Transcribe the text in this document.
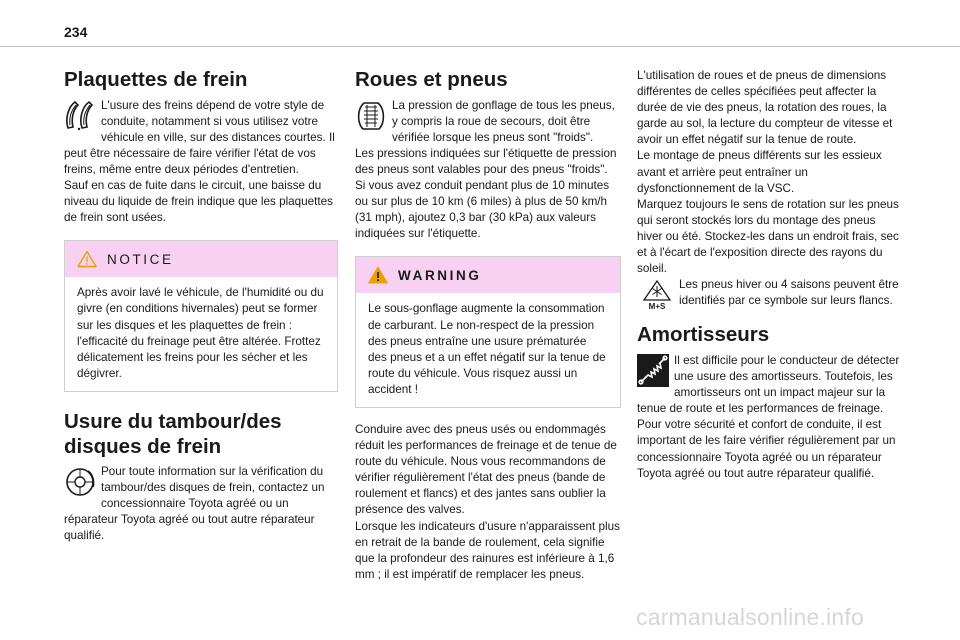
234
Plaquettes de frein

L'usure des freins dépend de votre style de conduite, notamment si vous utilisez votre véhicule en ville, sur des distances courtes. Il peut être nécessaire de faire vérifier l'état de vos freins, même entre deux périodes d'entretien.
Sauf en cas de fuite dans le circuit, une baisse du niveau du liquide de frein indique que les plaquettes de frein sont usées.

NOTICE

Après avoir lavé le véhicule, de l'humidité ou du givre (en conditions hivernales) peut se former sur les disques et les plaquettes de frein : l'efficacité du freinage peut être altérée. Frottez délicatement les freins pour les sécher et les dégivrer.

Usure du tambour/des disques de frein

Pour toute information sur la vérification du tambour/des disques de frein, contactez un concessionnaire Toyota agréé ou un réparateur Toyota agréé ou tout autre réparateur qualifié.

Roues et pneus

La pression de gonflage de tous les pneus, y compris la roue de secours, doit être vérifiée lorsque les pneus sont "froids".
Les pressions indiquées sur l'étiquette de pression des pneus sont valables pour des pneus "froids". Si vous avez conduit pendant plus de 10 minutes ou sur plus de 10 km (6 miles) à plus de 50 km/h (31 mph), ajoutez 0,3 bar (30 kPa) aux valeurs indiquées sur l'étiquette.

WARNING

Le sous-gonflage augmente la consommation de carburant. Le non-respect de la pression des pneus entraîne une usure prématurée des pneus et a un effet négatif sur la tenue de route du véhicule. Vous risquez aussi un accident !

Conduire avec des pneus usés ou endommagés réduit les performances de freinage et de tenue de route du véhicule. Nous vous recommandons de vérifier régulièrement l'état des pneus (bande de roulement et flancs) et des jantes sans oublier la présence des valves.
Lorsque les indicateurs d'usure n'apparaissent plus en retrait de la bande de roulement, cela signifie que la profondeur des rainures est inférieure à 1,6 mm ; il est impératif de remplacer les pneus.

L'utilisation de roues et de pneus de dimensions différentes de celles spécifiées peut affecter la durée de vie des pneus, la rotation des roues, la garde au sol, la lecture du compteur de vitesse et avoir un effet négatif sur la tenue de route.
Le montage de pneus différents sur les essieux avant et arrière peut entraîner un dysfonctionnement de la VSC.
Marquez toujours le sens de rotation sur les pneus qui seront stockés lors du montage des pneus hiver ou été. Stockez-les dans un endroit frais, sec et à l'écart de l'exposition directe des rayons du soleil.

M+S

Les pneus hiver ou 4 saisons peuvent être identifiés par ce symbole sur leurs flancs.

Amortisseurs

Il est difficile pour le conducteur de détecter une usure des amortisseurs. Toutefois, les amortisseurs ont un impact majeur sur la tenue de route et les performances de freinage.
Pour votre sécurité et confort de conduite, il est important de les faire vérifier régulièrement par un concessionnaire Toyota agréé ou un réparateur Toyota agréé ou tout autre réparateur qualifié.

carmanualsonline.info
